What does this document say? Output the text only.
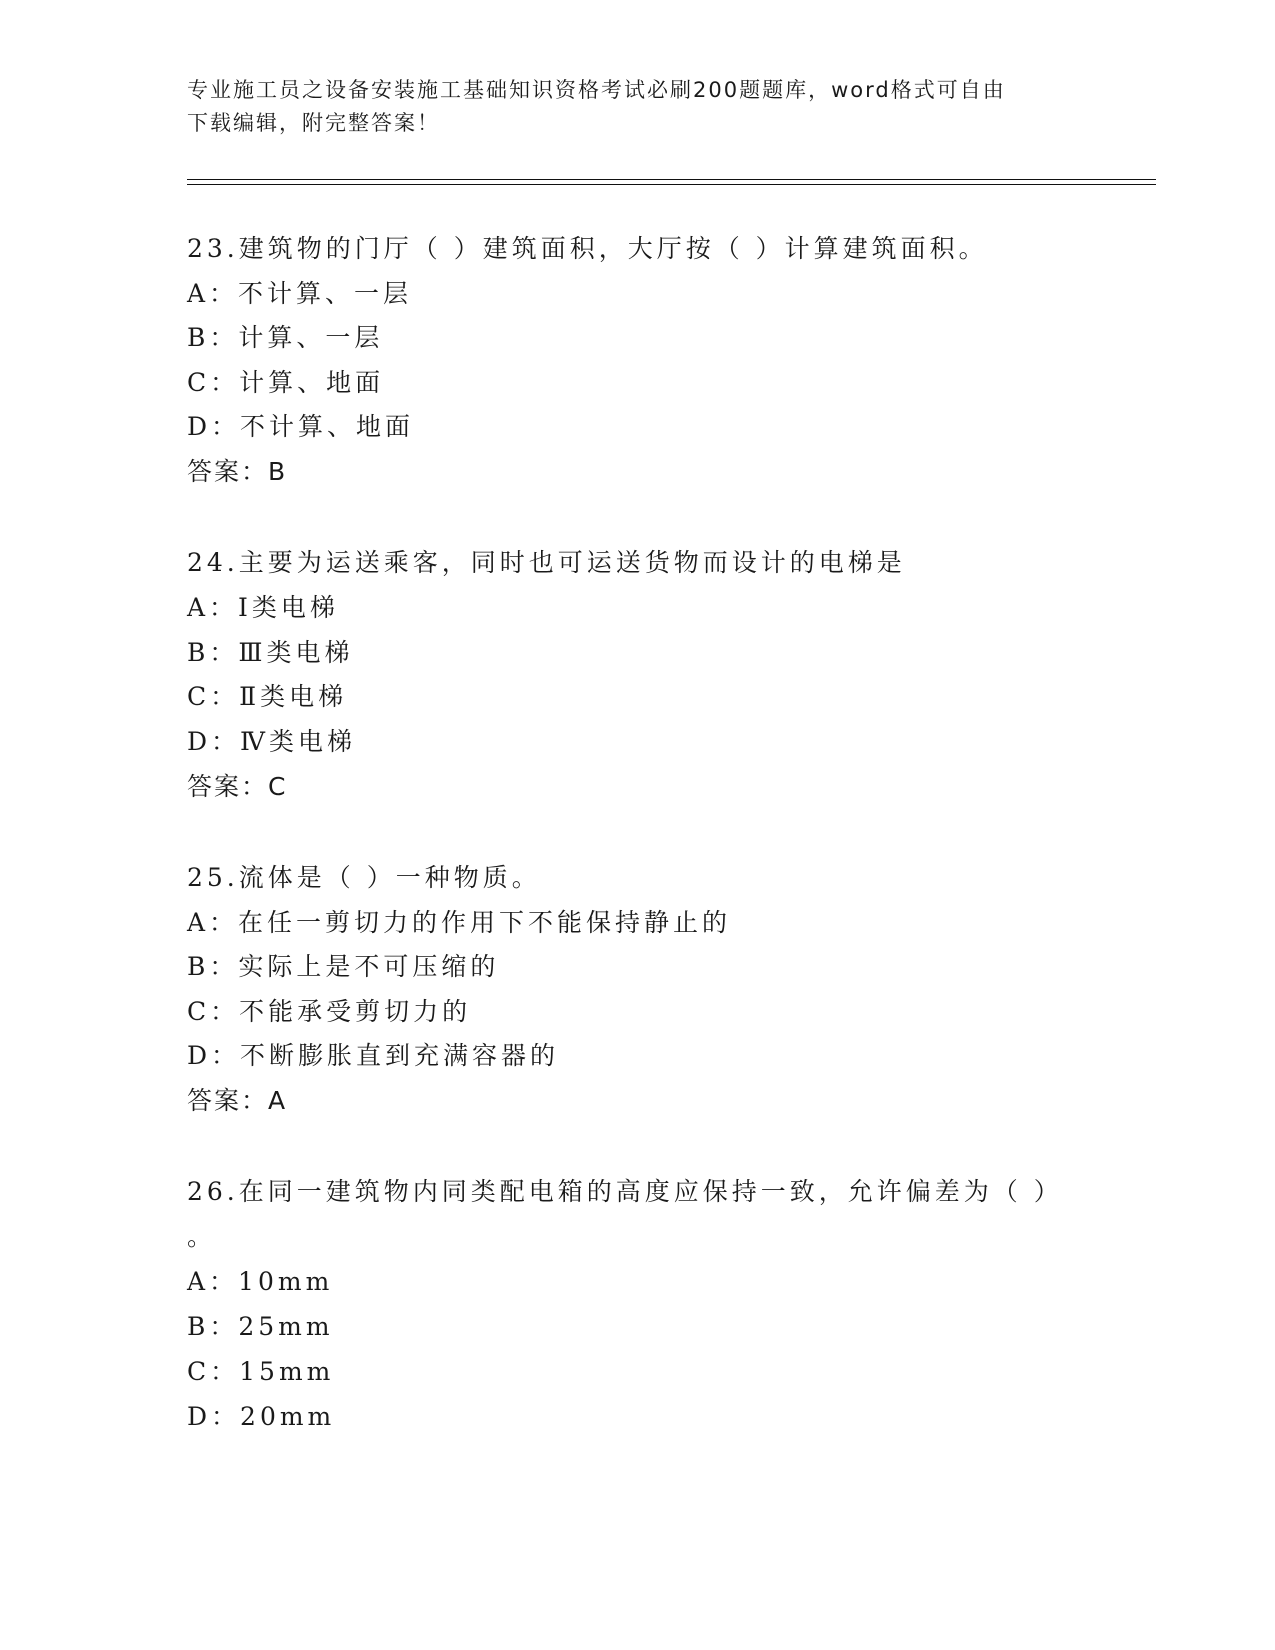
专业施工员之设备安装施工基础知识资格考试必刷200题题库，word格式可自由
下载编辑，附完整答案！
23.建筑物的门厅（ ）建筑面积，大厅按（ ）计算建筑面积。
A：不计算、一层
B：计算、一层
C：计算、地面
D：不计算、地面
答案：B
24.主要为运送乘客，同时也可运送货物而设计的电梯是
A：Ⅰ类电梯
B：Ⅲ类电梯
C：Ⅱ类电梯
D：Ⅳ类电梯
答案：C
25.流体是（ ）一种物质。
A：在任一剪切力的作用下不能保持静止的
B：实际上是不可压缩的
C：不能承受剪切力的
D：不断膨胀直到充满容器的
答案：A
26.在同一建筑物内同类配电箱的高度应保持一致，允许偏差为（ ）
。
A：10mm
B：25mm
C：15mm
D：20mm
